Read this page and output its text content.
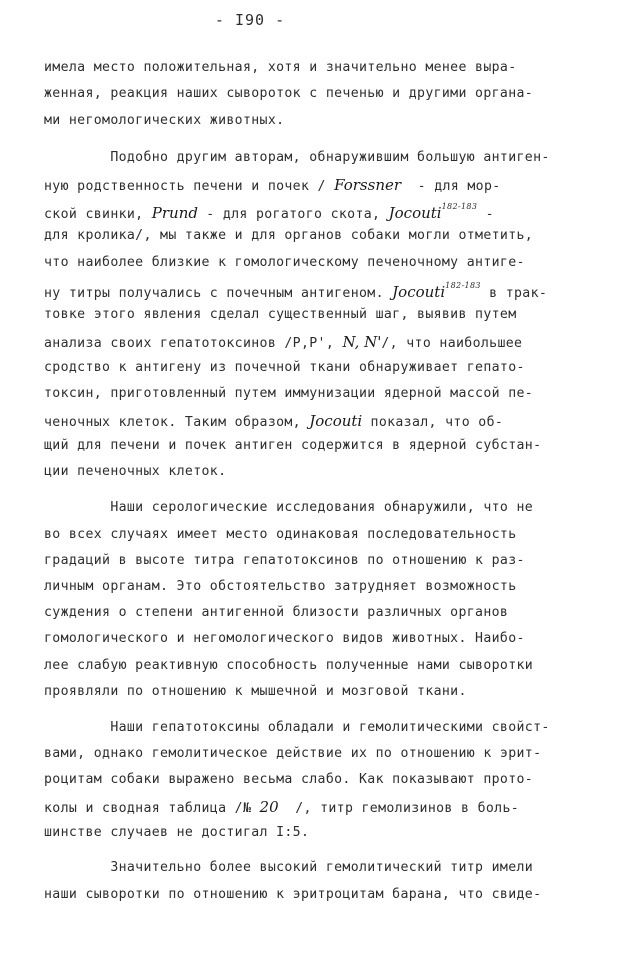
- I90 -
имела место положительная, хотя и значительно менее выра-
женная, реакция наших сывороток с печенью и другими органа-
ми негомологических животных.
Подобно другим авторам, обнаружившим большую антиген-
ную родственность печени и почек / Forssner  - для мор-
ской свинки, Prund - для рогатого скота, Jocouti$^{182-183}$ -
для кролика/, мы также и для органов собаки могли отметить,
что наиболее близкие к гомологическому печеночному антиге-
ну титры получались с почечным антигеном. Jocouti$^{182-183}$ в трак-
товке этого явления сделал существенный шаг, выявив путем
анализа своих гепатотоксинов /Р,Р', N, N'/, что наибольшее
сродство к антигену из почечной ткани обнаруживает гепато-
токсин, приготовленный путем иммунизации ядерной массой пе-
ченочных клеток. Таким образом, Jocouti показал, что об-
щий для печени и почек антиген содержится в ядерной субстан-
ции печеночных клеток.
Наши серологические исследования обнаружили, что не
во всех случаях имеет место одинаковая последовательность
градаций в высоте титра гепатотоксинов по отношению к раз-
личным органам. Это обстоятельство затрудняет возможность
суждения о степени антигенной близости различных органов
гомологического и негомологического видов животных. Наибо-
лее слабую реактивную способность полученные нами сыворотки
проявляли по отношению к мышечной и мозговой ткани.
Наши гепатотоксины обладали и гемолитическими свойст-
вами, однако гемолитическое действие их по отношению к эрит-
роцитам собаки выражено весьма слабо. Как показывают прото-
колы и сводная таблица /№ 20  /, титр гемолизинов в боль-
шинстве случаев не достигал I:5.
Значительно более высокий гемолитический титр имели
наши сыворотки по отношению к эритроцитам барана, что свиде-
